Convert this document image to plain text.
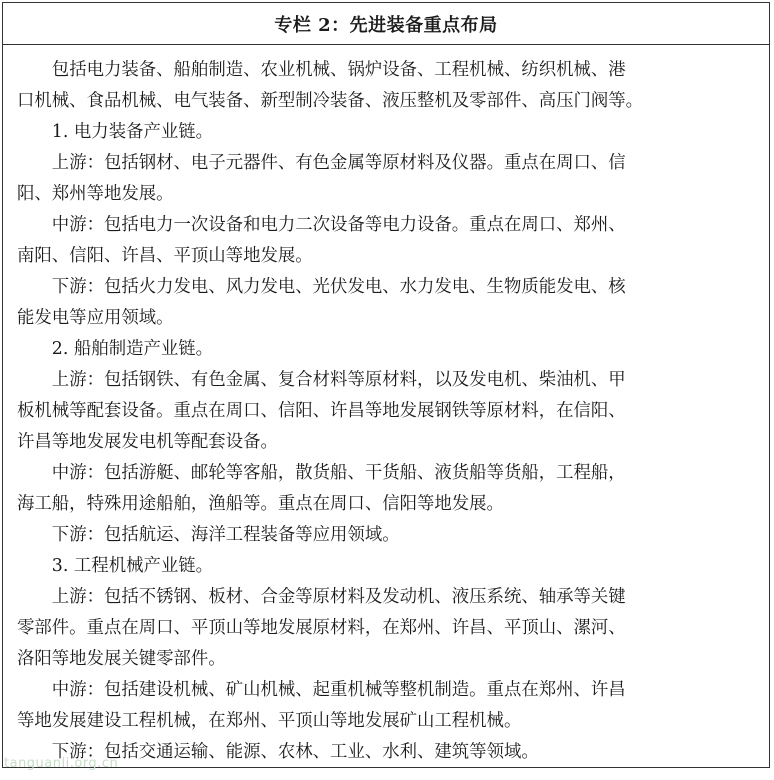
专栏 2：先进装备重点布局

包括电力装备、船舶制造、农业机械、锅炉设备、工程机械、纺织机械、港
口机械、食品机械、电气装备、新型制冷装备、液压整机及零部件、高压门阀等。

1. 电力装备产业链。

上游：包括钢材、电子元器件、有色金属等原材料及仪器。重点在周口、信
阳、郑州等地发展。

中游：包括电力一次设备和电力二次设备等电力设备。重点在周口、郑州、
南阳、信阳、许昌、平顶山等地发展。

下游：包括火力发电、风力发电、光伏发电、水力发电、生物质能发电、核
能发电等应用领域。

2. 船舶制造产业链。

上游：包括钢铁、有色金属、复合材料等原材料，以及发电机、柴油机、甲
板机械等配套设备。重点在周口、信阳、许昌等地发展钢铁等原材料，在信阳、
许昌等地发展发电机等配套设备。

中游：包括游艇、邮轮等客船，散货船、干货船、液货船等货船，工程船，
海工船，特殊用途船舶，渔船等。重点在周口、信阳等地发展。

下游：包括航运、海洋工程装备等应用领域。

3. 工程机械产业链。

上游：包括不锈钢、板材、合金等原材料及发动机、液压系统、轴承等关键
零部件。重点在周口、平顶山等地发展原材料，在郑州、许昌、平顶山、漯河、
洛阳等地发展关键零部件。

中游：包括建设机械、矿山机械、起重机械等整机制造。重点在郑州、许昌
等地发展建设工程机械，在郑州、平顶山等地发展矿山工程机械。

下游：包括交通运输、能源、农林、工业、水利、建筑等领域。

tanguanli.org.cn
